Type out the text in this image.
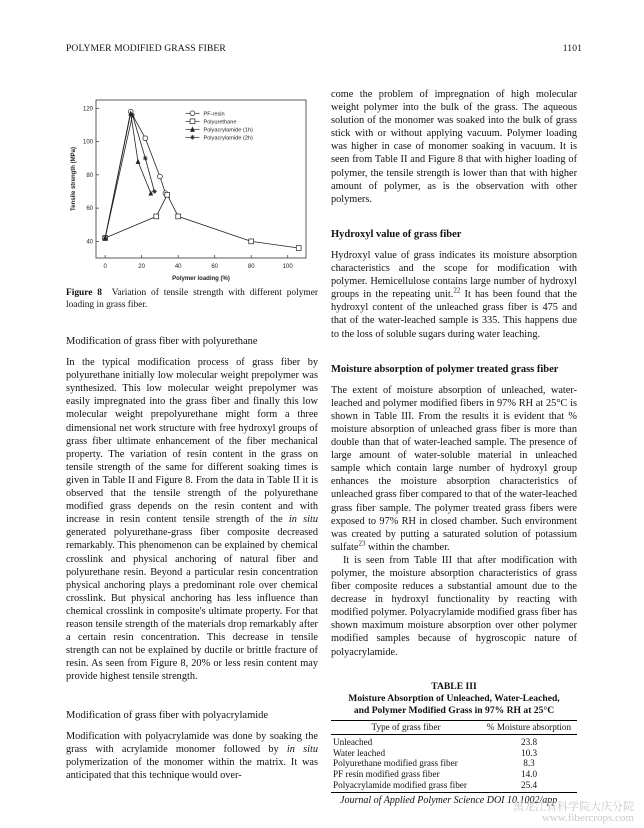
POLYMER MODIFIED GRASS FIBER	1101
0	20	40	60	80	100
40
60
80
100
120
Polymer loading (%)
Tensile strength (MPa)
PF-resin
Polyurethane
Polyacrylamide (1h)
Polyacrylamide (2h)

Figure 8 Variation of tensile strength with different polymer loading in grass fiber.

Modification of grass fiber with polyurethane

In the typical modification process of grass fiber by polyurethane initially low molecular weight prepolymer was synthesized. This low molecular weight prepolymer was easily impregnated into the grass fiber and finally this low molecular weight prepolyurethane might form a three dimensional net work structure with free hydroxyl groups of grass fiber ultimate enhancement of the fiber mechanical property. The variation of resin content in the grass on tensile strength of the same for different soaking times is given in Table II and Figure 8. From the data in Table II it is observed that the tensile strength of the polyurethane modified grass depends on the resin content and with increase in resin content tensile strength of the in situ generated polyurethane-grass fiber composite decreased remarkably. This phenomenon can be explained by chemical crosslink and physical anchoring of natural fiber and polyurethane resin. Beyond a particular resin concentration physical anchoring plays a predominant role over chemical crosslink. But physical anchoring has less influence than chemical crosslink in composite's ultimate property. For that reason tensile strength of the materials drop remarkably after a certain resin concentration. This decrease in tensile strength can not be explained by ductile or brittle fracture of resin. As seen from Figure 8, 20% or less resin content may provide highest tensile strength.

Modification of grass fiber with polyacrylamide

Modification with polyacrylamide was done by soaking the grass with acrylamide monomer followed by in situ polymerization of the monomer within the matrix. It was anticipated that this technique would over-

come the problem of impregnation of high molecular weight polymer into the bulk of the grass. The aqueous solution of the monomer was soaked into the bulk of grass stick with or without applying vacuum. Polymer loading was higher in case of monomer soaking in vacuum. It is seen from Table II and Figure 8 that with higher loading of polymer, the tensile strength is lower than that with higher amount of polymer, as is the observation with other polymers.

Hydroxyl value of grass fiber

Hydroxyl value of grass indicates its moisture absorption characteristics and the scope for modification with polymer. Hemicellulose contains large number of hydroxyl groups in the repeating unit.$^{22}$ It has been found that the hydroxyl content of the unleached grass fiber is 475 and that of the water-leached sample is 335. This happens due to the loss of soluble sugars during water leaching.

Moisture absorption of polymer treated grass fiber

The extent of moisture absorption of unleached, water-leached and polymer modified fibers in 97% RH at 25°C is shown in Table III. From the results it is evident that % moisture absorption of unleached grass fiber is more than double than that of water-leached sample. The presence of large amount of water-soluble material in unleached sample which contain large number of hydroxyl group enhances the moisture absorption characteristics of unleached grass fiber compared to that of the water-leached grass fiber sample. The polymer treated grass fibers were exposed to 97% RH in closed chamber. Such environment was created by putting a saturated solution of potassium sulfate$^{23}$ within the chamber.

It is seen from Table III that after modification with polymer, the moisture absorption characteristics of grass fiber composite reduces a substantial amount due to the decrease in hydroxyl functionality by reacting with modified polymer. Polyacrylamide modified grass fiber has shown maximum moisture absorption over other polymer modified samples because of hygroscopic nature of polyacrylamide.

TABLE III
Moisture Absorption of Unleached, Water-Leached,
and Polymer Modified Grass in 97% RH at 25°C
Type of grass fiber	% Moisture absorption
Unleached	23.8
Water leached	10.3
Polyurethane modified grass fiber	8.3
PF resin modified grass fiber	14.0
Polyacrylamide modified grass fiber	25.4
Journal of Applied Polymer Science DOI 10.1002/app
黑龙江省科学院大庆分院
www.fibercrops.com
